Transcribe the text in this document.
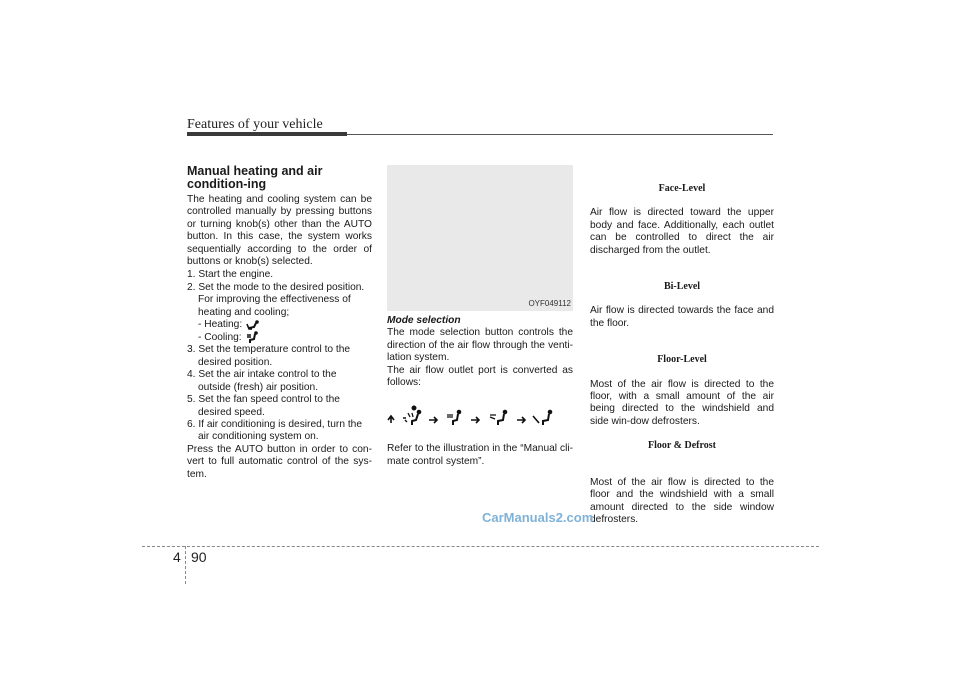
Features of your vehicle
Manual heating and air condition-ing

The heating and cooling system can be controlled manually by pressing buttons or turning knob(s) other than the AUTO button. In this case, the system works sequentially according to the order of buttons or knob(s) selected.

1. Start the engine.
2. Set the mode to the desired position.
For improving the effectiveness of heating and cooling;
- Heating:
- Cooling:
3. Set the temperature control to the desired position.
4. Set the air intake control to the outside (fresh) air position.
5. Set the fan speed control to the desired speed.
6. If air conditioning is desired, turn the air conditioning system on.

Press the AUTO button in order to con-vert to full automatic control of the sys-tem.

OYF049112
Mode selection

The mode selection button controls the direction of the air flow through the venti-lation system.

The air flow outlet port is converted as follows:

Refer to the illustration in the “Manual cli-mate control system”.

Face-Level

Air flow is directed toward the upper body and face. Additionally, each outlet can be controlled to direct the air discharged from the outlet.

Bi-Level

Air flow is directed towards the face and the floor.

Floor-Level

Most of the air flow is directed to the floor, with a small amount of the air being directed to the windshield and side win-dow defrosters.

Floor & Defrost

Most of the air flow is directed to the floor and the windshield with a small amount directed to the side window defrosters.

CarManuals2.com
4 90
